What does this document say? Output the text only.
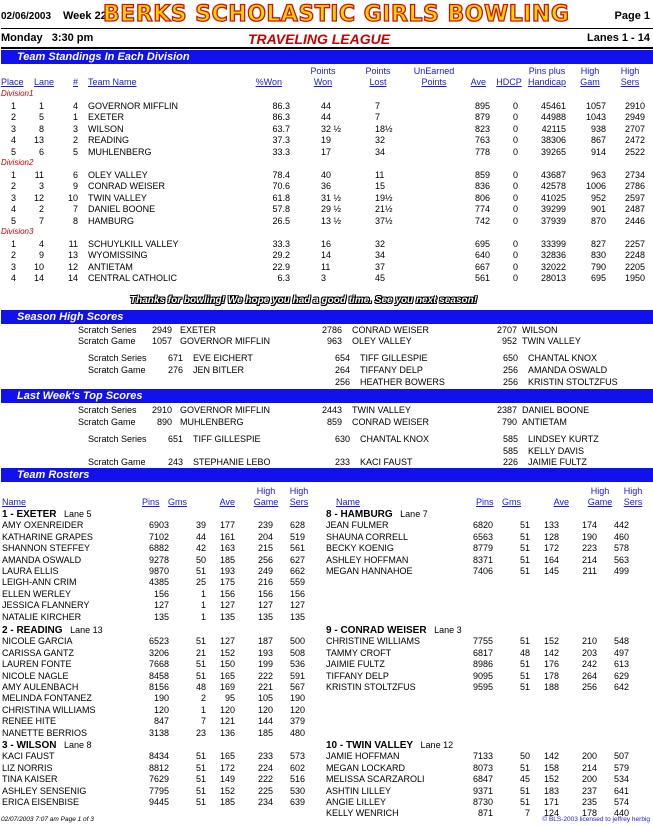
02/06/2003 Week 22
BERKS SCHOLASTIC GIRLS BOWLING	Page 1
Monday 3:30 pm	TRAVELING LEAGUE	Lanes 1 - 14
Team Standings In Each Division
Place Lane # Team Name	%Won
Points
Won
Points
Lost
UnEarned
Points	Ave	HDCP
Pins plus
Handicap
High
Gam
High
Sers
Division1
1	1	4 GOVERNOR MIFFLIN	86.3	44	7	895	0	45461 1057 2910
2	5	1 EXETER	86.3	44	7	879	0	44988 1043 2949
3	8	3 WILSON	63.7	32 ½	18½	823	0	42115	938 2707
4 13	2 READING	37.3	19	32	763	0	38306	867 2472
5	6	5 MUHLENBERG	33.3	17	34	778	0	39265	914 2522
Division2
1 11	6 OLEY VALLEY	78.4	40	11	859	0	43687	963 2734
2	3	9 CONRAD WEISER	70.6	36	15	836	0	42578 1006 2786
3 12	10 TWIN VALLEY	61.8	31 ½	19½	806	0	41025	952 2597
4	2	7 DANIEL BOONE	57.8	29 ½	21½	774	0	39299	901 2487
5	7	8 HAMBURG	26.5	13 ½	37½	742	0	37939	870 2446
Division3
1	4	11 SCHUYLKILL VALLEY	33.3	16	32	695	0	33399	827 2257
2	9	13 WYOMISSING	29.2	14	34	640	0	32836	830 2248
3 10	12 ANTIETAM	22.9	11	37	667	0	32022	790 2205
4 14	14 CENTRAL CATHOLIC	6.3	3	45	561	0	28013	695 1950
Thanks for bowling! We hope you had a good time. See you next season!
Season High Scores
Scratch Series 2949 EXETER	2786 CONRAD WEISER	2707 WILSON
Scratch Game 1057 GOVERNOR MIFFLIN	963 OLEY VALLEY	952 TWIN VALLEY
Scratch Series 671 EVE EICHERT	654 TIFF GILLESPIE	650 CHANTAL KNOX
Scratch Game 276 JEN BITLER	264 TIFFANY DELP	256 AMANDA OSWALD
256 HEATHER BOWERS	256 KRISTIN STOLTZFUS
Last Week's Top Scores
Scratch Series 2910 GOVERNOR MIFFLIN	2443 TWIN VALLEY	2387 DANIEL BOONE
Scratch Game 890 MUHLENBERG	859 CONRAD WEISER	790 ANTIETAM
Scratch Series 651 TIFF GILLESPIE	630 CHANTAL KNOX	585 LINDSEY KURTZ
585 KELLY DAVIS
Scratch Game 243 STEPHANIE LEBO	233 KACI FAUST	226 JAIMIE FULTZ
Team Rosters
Name	Pins Gms	Ave
High
Game
High
Sers	Name	Pins Gms	Ave
High
Game
High
Sers
1 - EXETER   Lane 5
AMY OXENREIDER	6903	39 177	239 628
KATHARINE GRAPES	7102	44 161	204 519
SHANNON STEFFEY	6882	42 163	215 561
AMANDA OSWALD	9278	50 185	256 627
LAURA ELLIS	9870	51 193	249 662
LEIGH-ANN CRIM	4385	25 175	216 559
ELLEN WERLEY	156	1 156	156 156
JESSICA FLANNERY	127	1 127	127 127
NATALIE KIRCHER	135	1 135	135 135
2 - READING   Lane 13
NICOLE GARCIA	6523	51 127	187 500
CARISSA GANTZ	3206	21 152	193 508
LAUREN FONTE	7668	51 150	199 536
NICOLE NAGLE	8458	51 165	222 591
AMY AULENBACH	8156	48 169	221 567
MELINDA FONTANEZ	190	2 95	105 190
CHRISTINA WILLIAMS	120	1 120	120 120
RENEE HITE	847	7 121	144 379
NANETTE BERRIOS	3138	23 136	185 480
3 - WILSON   Lane 8
KACI FAUST	8434	51 165	233 573
LIZ NORRIS	8812	51 172	224 602
TINA KAISER	7629	51 149	222 516
ASHLEY SENSENIG	7795	51 152	225 530
ERICA EISENBISE	9445	51 185	234 639
8 - HAMBURG   Lane 7
JEAN FULMER	6820	51 133	174 442
SHAUNA CORRELL	6563	51 128	190 460
BECKY KOENIG	8779	51 172	223 578
ASHLEY HOFFMAN	8371	51 164	214 563
MEGAN HANNAHOE	7406	51 145	211 499
9 - CONRAD WEISER   Lane 3
CHRISTINE WILLIAMS	7755	51 152	210 548
TAMMY CROFT	6817	48 142	203 497
JAIMIE FULTZ	8986	51 176	242 613
TIFFANY DELP	9095	51 178	264 629
KRISTIN STOLTZFUS	9595	51 188	256 642
10 - TWIN VALLEY   Lane 12
JAMIE HOFFMAN	7133	50 142	200 507
MEGAN LOCKARD	8073	51 158	214 579
MELISSA SCARZAROLI	6847	45 152	200 534
ASHTIN LILLEY	9371	51 183	237 641
ANGIE LILLEY	8730	51 171	235 574
KELLY WENRICH	871	7 124	178 440
02/07/2003 7:07 am Page 1 of 3	© BLS-2003 licensed to jeffrey herbig
